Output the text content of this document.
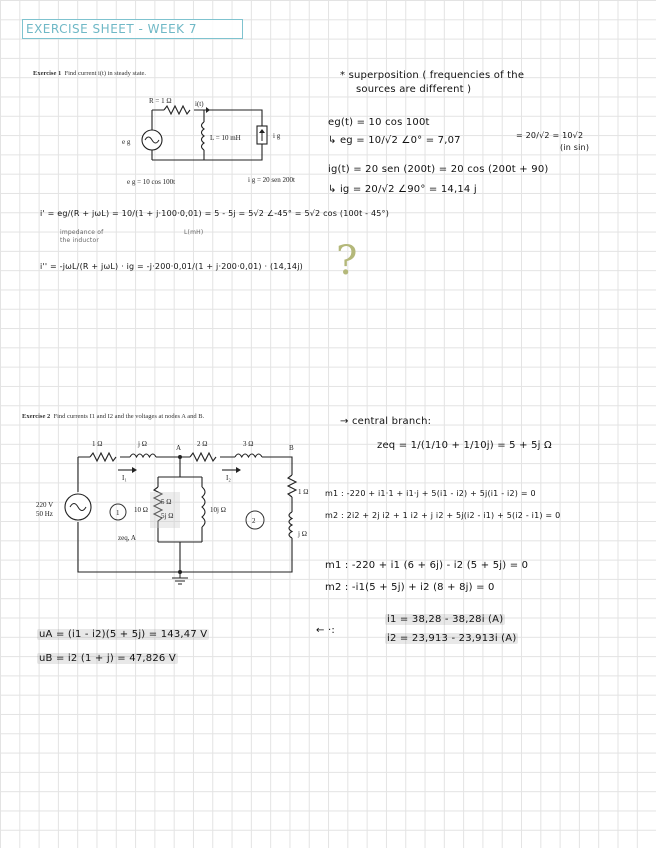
EXERCISE SHEET - WEEK 7
Exercise 1 Find current i(t) in steady state.
R = 1 Ω	i(t)
L = 10 mH	i g
e g
e g = 10 cos 100t	i g = 20 sen 200t
* superposition ( frequencies of the
sources are different )
eg(t) = 10 cos 100t
↳ eg = 10/√2 ∠0° = 7,07	= 20/√2 = 10√2
(in sin)
ig(t) = 20 sen (200t) = 20 cos (200t + 90)
↳ ig = 20/√2 ∠90° = 14,14 j
i' = eg/(R + jωL) = 10/(1 + j·100·0,01) = 5 - 5j = 5√2 ∠-45° = 5√2 cos (100t - 45°)
impedance of
the inductor
L(mH)
i'' = -jωL/(R + jωL) · ig = -j·200·0,01/(1 + j·200·0,01) · (14,14j) ?
Exercise 2 Find currents I1 and I2 and the voltages at nodes A and B.
1 Ω	j Ω	A 2 Ω	3 Ω	B
220 V
50 Hz	10 Ω	10j Ω
1 Ω
j Ω
I₁	I₂
1
2
5 Ω
5j Ω
zeq, A
→ central branch:
zeq = 1/(1/10 + 1/10j) = 5 + 5j Ω
m1 : -220 + i1·1 + i1·j + 5(i1 - i2) + 5j(i1 - i2) = 0
m2 : 2i2 + 2j i2 + 1 i2 + j i2 + 5j(i2 - i1) + 5(i2 - i1) = 0
m1 : -220 + i1 (6 + 6j) - i2 (5 + 5j) = 0
m2 : -i1(5 + 5j) + i2 (8 + 8j) = 0
← ·:
i1 = 38,28 - 38,28i (A)
i2 = 23,913 - 23,913i (A)
uA = (i1 - i2)(5 + 5j) = 143,47 V
uB = i2 (1 + j) = 47,826 V
